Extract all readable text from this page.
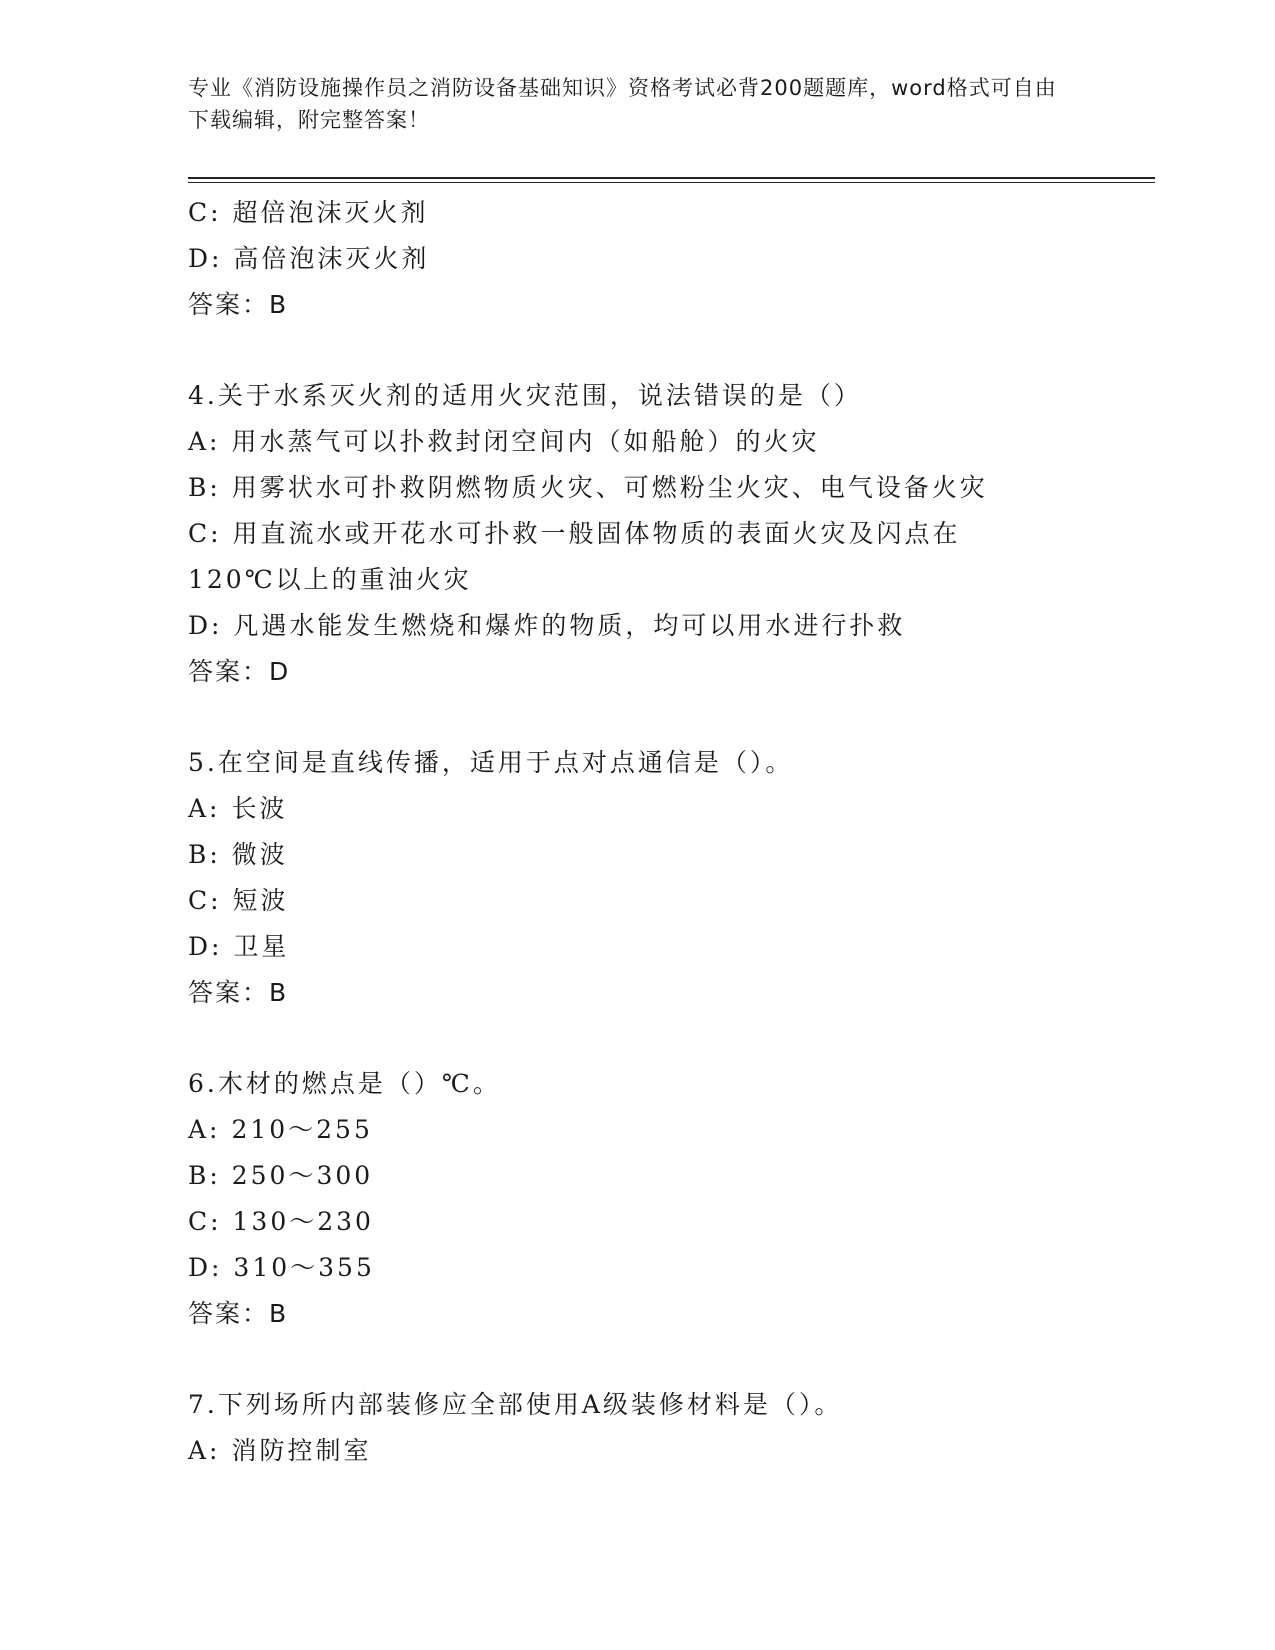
专业《消防设施操作员之消防设备基础知识》资格考试必背200题题库，word格式可自由下载编辑，附完整答案！
C: 超倍泡沫灭火剂
D: 高倍泡沫灭火剂
答案：B
4.关于水系灭火剂的适用火灾范围，说法错误的是（）
A: 用水蒸气可以扑救封闭空间内（如船舱）的火灾
B: 用雾状水可扑救阴燃物质火灾、可燃粉尘火灾、电气设备火灾
C: 用直流水或开花水可扑救一般固体物质的表面火灾及闪点在120℃以上的重油火灾
D: 凡遇水能发生燃烧和爆炸的物质，均可以用水进行扑救
答案：D
5.在空间是直线传播，适用于点对点通信是（）。
A: 长波
B: 微波
C: 短波
D: 卫星
答案：B
6.木材的燃点是（）℃。
A: 210～255
B: 250～300
C: 130～230
D: 310～355
答案：B
7.下列场所内部装修应全部使用A级装修材料是（）。
A: 消防控制室
